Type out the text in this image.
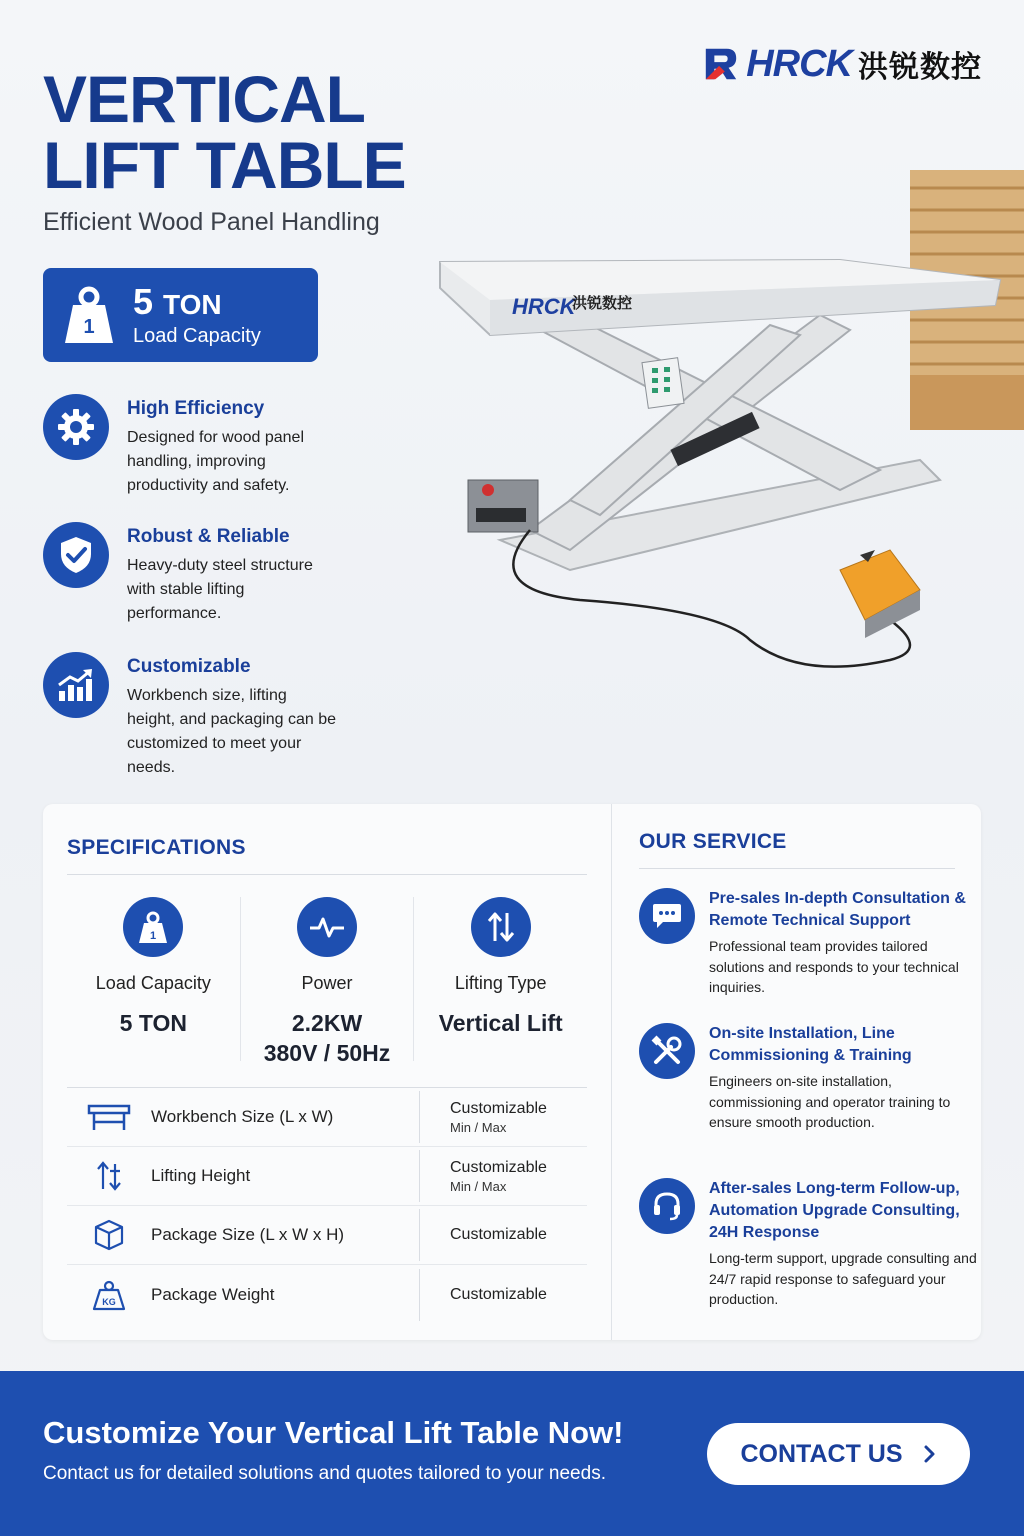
HRCK 洪锐数控
VERTICAL LIFT TABLE
Efficient Wood Panel Handling
1
5 TON
Load Capacity
High Efficiency

Designed for wood panel handling, improving productivity and safety.

Robust & Reliable

Heavy-duty steel structure with stable lifting performance.

Customizable

Workbench size, lifting height, and packaging can be customized to meet your needs.

HRCK
洪锐数控
SPECIFICATIONS
1
Load Capacity
5 TON
Power
2.2KW
380V / 50Hz
Lifting Type
Vertical Lift
Workbench Size (L x W)	Customizable
Min / Max
Lifting Height	Customizable
Min / Max
Package Size (L x W x H)	Customizable
KG Package Weight	Customizable
OUR SERVICE
Pre-sales In-depth Consultation & Remote Technical Support

Professional team provides tailored solutions and responds to your technical inquiries.

On-site Installation, Line Commissioning & Training

Engineers on-site installation, commissioning and operator training to ensure smooth production.

After-sales Long-term Follow-up, Automation Upgrade Consulting, 24H Response

Long-term support, upgrade consulting and 24/7 rapid response to safeguard your production.

Customize Your Vertical Lift Table Now!

Contact us for detailed solutions and quotes tailored to your needs.

CONTACT US
